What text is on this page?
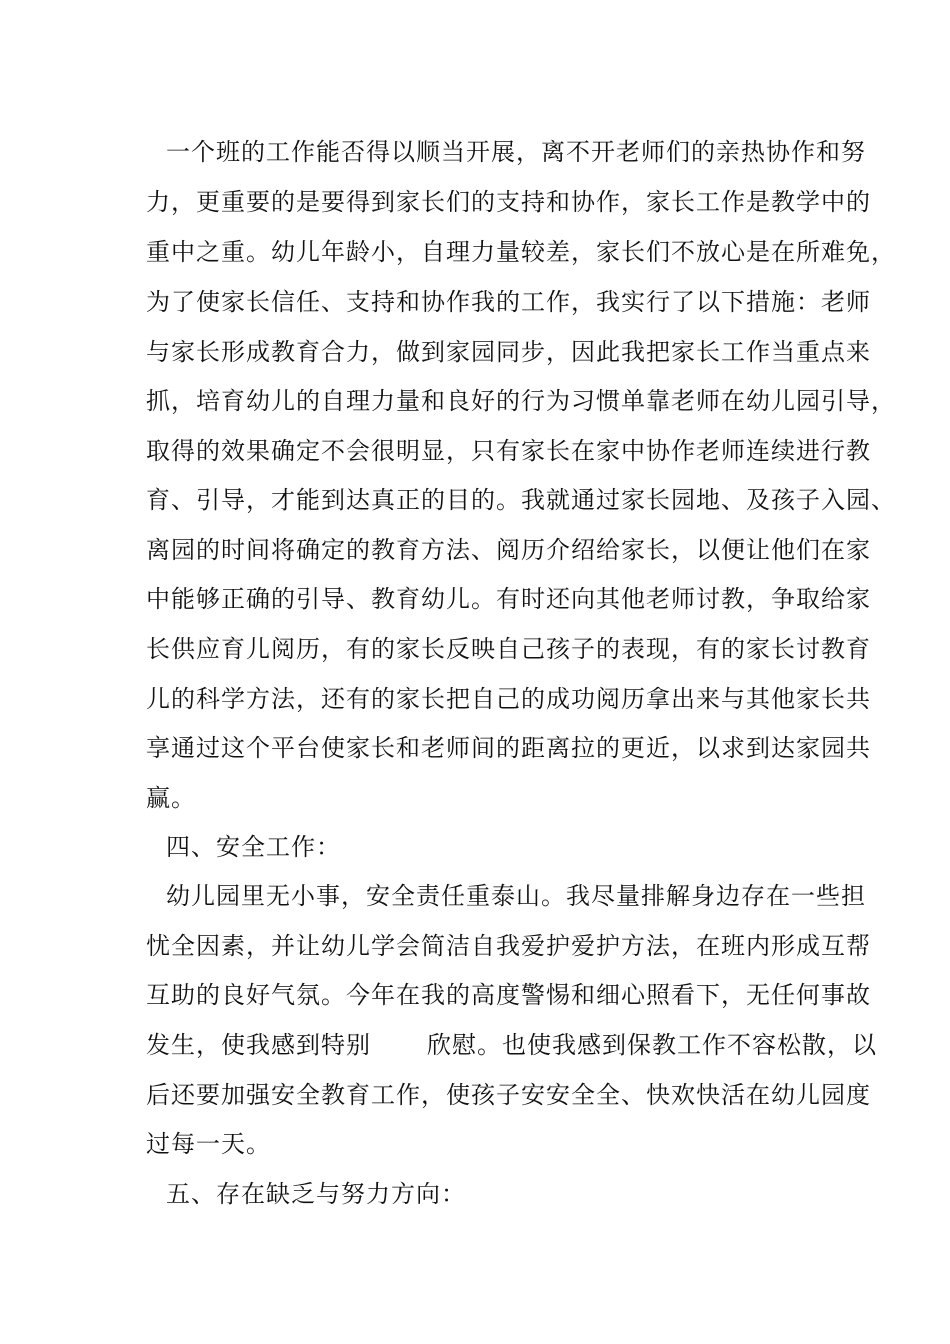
一个班的工作能否得以顺当开展，离不开老师们的亲热协作和努
力，更重要的是要得到家长们的支持和协作，家长工作是教学中的
重中之重。幼儿年龄小，自理力量较差，家长们不放心是在所难免，
为了使家长信任、支持和协作我的工作，我实行了以下措施：老师
与家长形成教育合力，做到家园同步，因此我把家长工作当重点来
抓，培育幼儿的自理力量和良好的行为习惯单靠老师在幼儿园引导，
取得的效果确定不会很明显，只有家长在家中协作老师连续进行教
育、引导，才能到达真正的目的。我就通过家长园地、及孩子入园、
离园的时间将确定的教育方法、阅历介绍给家长，以便让他们在家
中能够正确的引导、教育幼儿。有时还向其他老师讨教，争取给家
长供应育儿阅历，有的家长反映自己孩子的表现，有的家长讨教育
儿的科学方法，还有的家长把自己的成功阅历拿出来与其他家长共
享通过这个平台使家长和老师间的距离拉的更近，以求到达家园共
赢。
四、安全工作：
幼儿园里无小事，安全责任重泰山。我尽量排解身边存在一些担
忧全因素，并让幼儿学会简洁自我爱护爱护方法，在班内形成互帮
互助的良好气氛。今年在我的高度警惕和细心照看下，无任何事故
发生，使我感到特别 欣慰。也使我感到保教工作不容松散，以
后还要加强安全教育工作，使孩子安安全全、快欢快活在幼儿园度
过每一天。
五、存在缺乏与努力方向：
